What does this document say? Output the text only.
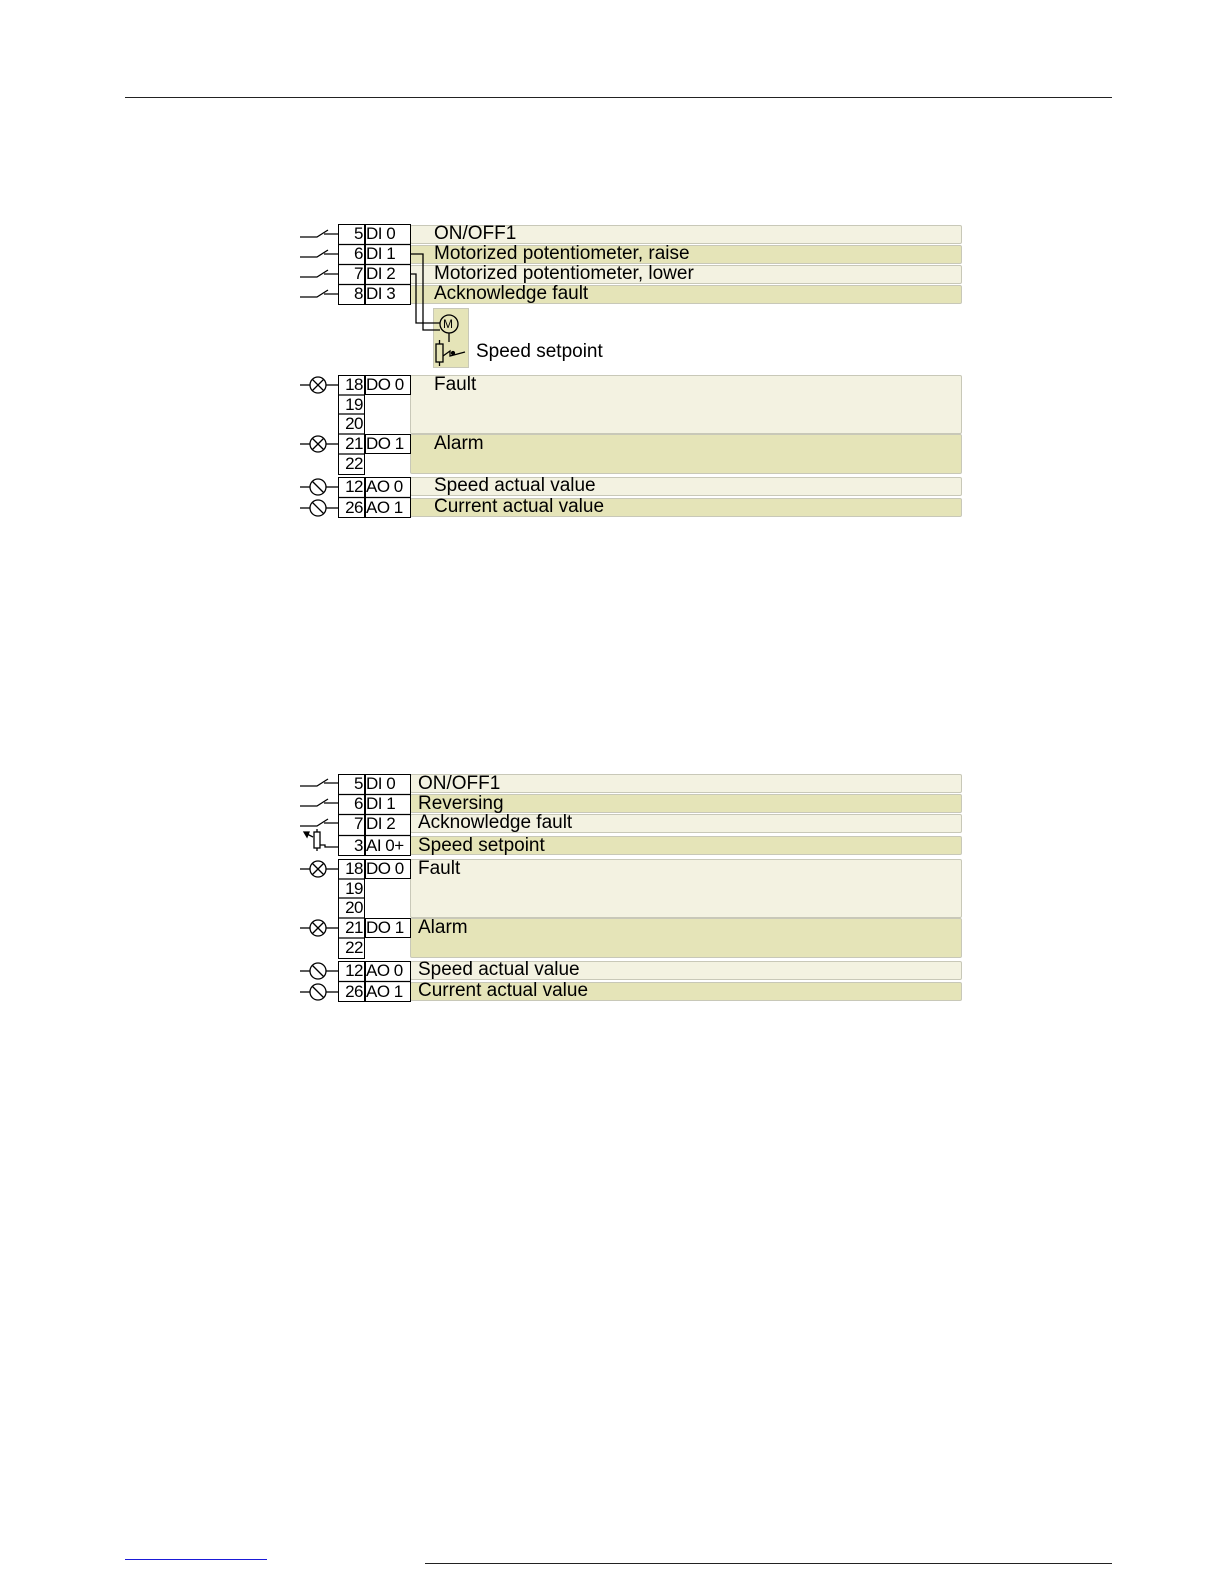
5 DI 0 ON/OFF1
6 DI 1 Motorized potentiometer, raise
7 DI 2 Motorized potentiometer, lower
8 DI 3 Acknowledge fault
M
Speed setpoint
18
19
20
DO 0 Fault
21
22
DO 1 Alarm
12 AO 0 Speed actual value
26 AO 1 Current actual value
5 DI 0 ON/OFF1
6 DI 1 Reversing
7 DI 2 Acknowledge fault
3 AI 0+ Speed setpoint
18
19
20
DO 0 Fault
21
22
DO 1 Alarm
12 AO 0 Speed actual value
26 AO 1 Current actual value
